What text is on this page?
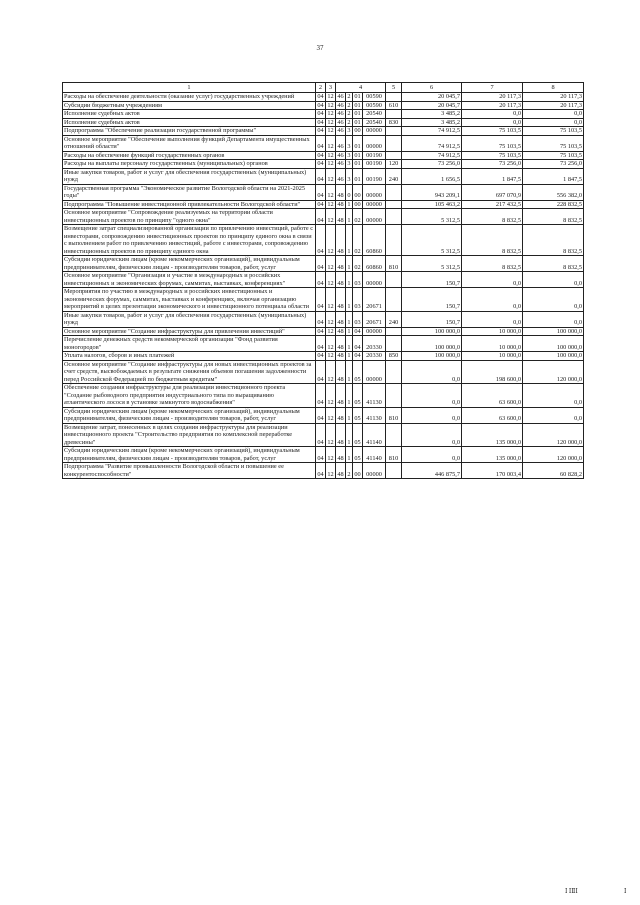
37
1	2	3	4				5	6	7	8
Расходы на обеспечение деятельности (оказание услуг) государственных учреждений	04	12	46	2	01	00590		20 045,7	20 117,3	20 117,3
Субсидии бюджетным учреждениям	04	12	46	2	01	00590	610	20 045,7	20 117,3	20 117,3
Исполнение судебных актов	04	12	46	2	01	20540		3 485,2	0,0	0,0
Исполнение судебных актов	04	12	46	2	01	20540	830	3 485,2	0,0	0,0
Подпрограмма "Обеспечение реализации государственной программы"	04	12	46	3	00	00000		74 912,5	75 103,5	75 103,5
Основное мероприятие "Обеспечение выполнения функций Департамента имущественных отношений области"	04	12	46	3	01	00000		74 912,5	75 103,5	75 103,5
Расходы на обеспечение функций государственных органов	04	12	46	3	01	00190		74 912,5	75 103,5	75 103,5
Расходы на выплаты персоналу государственных (муниципальных) органов	04	12	46	3	01	00190	120	73 256,0	73 256,0	73 256,0
Иные закупки товаров, работ и услуг для обеспечения государственных (муниципальных) нужд	04	12	46	3	01	00190	240	1 656,5	1 847,5	1 847,5
Государственная программа "Экономическое развитие Вологодской области на 2021-2025 годы"	04	12	48	0	00	00000		943 209,1	697 070,9	556 382,0
Подпрограмма "Повышение инвестиционной привлекательности Вологодской области"	04	12	48	1	00	00000		105 463,2	217 432,5	228 832,5
Основное мероприятие "Сопровождение реализуемых на территории области инвестиционных проектов по принципу "одного окна"	04	12	48	1	02	00000		5 312,5	8 832,5	8 832,5
Возмещение затрат специализированной организации по привлечению инвестиций, работе с инвесторами, сопровождению инвестиционных проектов по принципу единого окна в связи с выполнением работ по привлечению инвестиций, работе с инвесторами, сопровождению инвестиционных проектов по принципу единого окна	04	12	48	1	02	60860		5 312,5	8 832,5	8 832,5
Субсидии юридическим лицам (кроме некоммерческих организаций), индивидуальным предпринимателям, физическим лицам - производителям товаров, работ, услуг	04	12	48	1	02	60860	810	5 312,5	8 832,5	8 832,5
Основное мероприятие "Организация и участие в международных и российских инвестиционных и экономических форумах, саммитах, выставках, конференциях"	04	12	48	1	03	00000		150,7	0,0	0,0
Мероприятия по участию в международных и российских инвестиционных и экономических форумах, саммитах, выставках и конференциях, включая организацию мероприятий в целях презентации экономического и инвестиционного потенциала области	04	12	48	1	03	20671		150,7	0,0	0,0
Иные закупки товаров, работ и услуг для обеспечения государственных (муниципальных) нужд	04	12	48	1	03	20671	240	150,7	0,0	0,0
Основное мероприятие "Создание инфраструктуры для привлечения инвестиций"	04	12	48	1	04	00000		100 000,0	10 000,0	100 000,0
Перечисление денежных средств некоммерческой организации "Фонд развития моногородов"	04	12	48	1	04	20330		100 000,0	10 000,0	100 000,0
Уплата налогов, сборов и иных платежей	04	12	48	1	04	20330	850	100 000,0	10 000,0	100 000,0
Основное мероприятие "Создание инфраструктуры для новых инвестиционных проектов за счет средств, высвобождаемых в результате снижения объемов погашения задолженности перед Российской Федерацией по бюджетным кредитам"	04	12	48	1	05	00000		0,0	198 600,0	120 000,0
Обеспечение создания инфраструктуры для реализации инвестиционного проекта "Создание рыбоводного предприятия индустриального типа по выращиванию атлантического лосося в установке замкнутого водоснабжения"	04	12	48	1	05	41130		0,0	63 600,0	0,0
Субсидии юридическим лицам (кроме некоммерческих организаций), индивидуальным предпринимателям, физическим лицам - производителям товаров, работ, услуг	04	12	48	1	05	41130	810	0,0	63 600,0	0,0
Возмещение затрат, понесенных в целях создания инфраструктуры для реализации инвестиционного проекта "Строительство предприятия по комплексной переработке древесины"	04	12	48	1	05	41140		0,0	135 000,0	120 000,0
Субсидии юридическим лицам (кроме некоммерческих организаций), индивидуальным предпринимателям, физическим лицам - производителям товаров, работ, услуг	04	12	48	1	05	41140	810	0,0	135 000,0	120 000,0
Подпрограмма "Развитие промышленности Вологодской области и повышение ее конкурентоспособности"	04	12	48	2	00	00000		446 875,7	170 003,4	60 828,2
Ⅰ ⅠⅡⅠ	Ⅰ
